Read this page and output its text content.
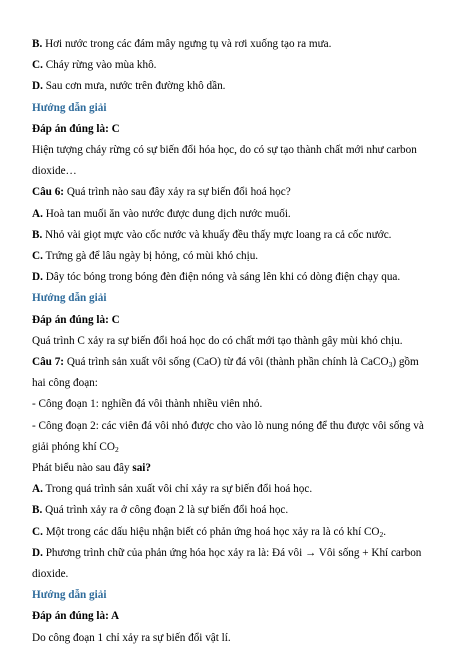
B. Hơi nước trong các đám mây ngưng tụ và rơi xuống tạo ra mưa.

C. Cháy rừng vào mùa khô.

D. Sau cơn mưa, nước trên đường khô dần.

Hướng dẫn giải

Đáp án đúng là: C

Hiện tượng cháy rừng có sự biến đổi hóa học, do có sự tạo thành chất mới như carbon dioxide…

Câu 6: Quá trình nào sau đây xảy ra sự biến đổi hoá học?

A. Hoà tan muối ăn vào nước được dung dịch nước muối.

B. Nhỏ vài giọt mực vào cốc nước và khuấy đều thấy mực loang ra cả cốc nước.

C. Trứng gà để lâu ngày bị hỏng, có mùi khó chịu.

D. Dây tóc bóng trong bóng đèn điện nóng và sáng lên khi có dòng điện chạy qua.

Hướng dẫn giải

Đáp án đúng là: C

Quá trình C xảy ra sự biến đổi hoá học do có chất mới tạo thành gây mùi khó chịu.

Câu 7: Quá trình sản xuất vôi sống (CaO) từ đá vôi (thành phần chính là CaCO$_3$) gồm hai công đoạn:

- Công đoạn 1: nghiền đá vôi thành nhiều viên nhỏ.

- Công đoạn 2: các viên đá vôi nhỏ được cho vào lò nung nóng để thu được vôi sống và giải phóng khí $CO_2$

Phát biểu nào sau đây sai?

A. Trong quá trình sản xuất vôi chỉ xảy ra sự biến đổi hoá học.

B. Quá trình xảy ra ở công đoạn 2 là sự biến đổi hoá học.

C. Một trong các dấu hiệu nhận biết có phản ứng hoá học xảy ra là có khí $CO_2$.

D. Phương trình chữ của phản ứng hóa học xảy ra là: Đá vôi → Vôi sống + Khí carbon dioxide.

Hướng dẫn giải

Đáp án đúng là: A

Do công đoạn 1 chỉ xảy ra sự biến đổi vật lí.
